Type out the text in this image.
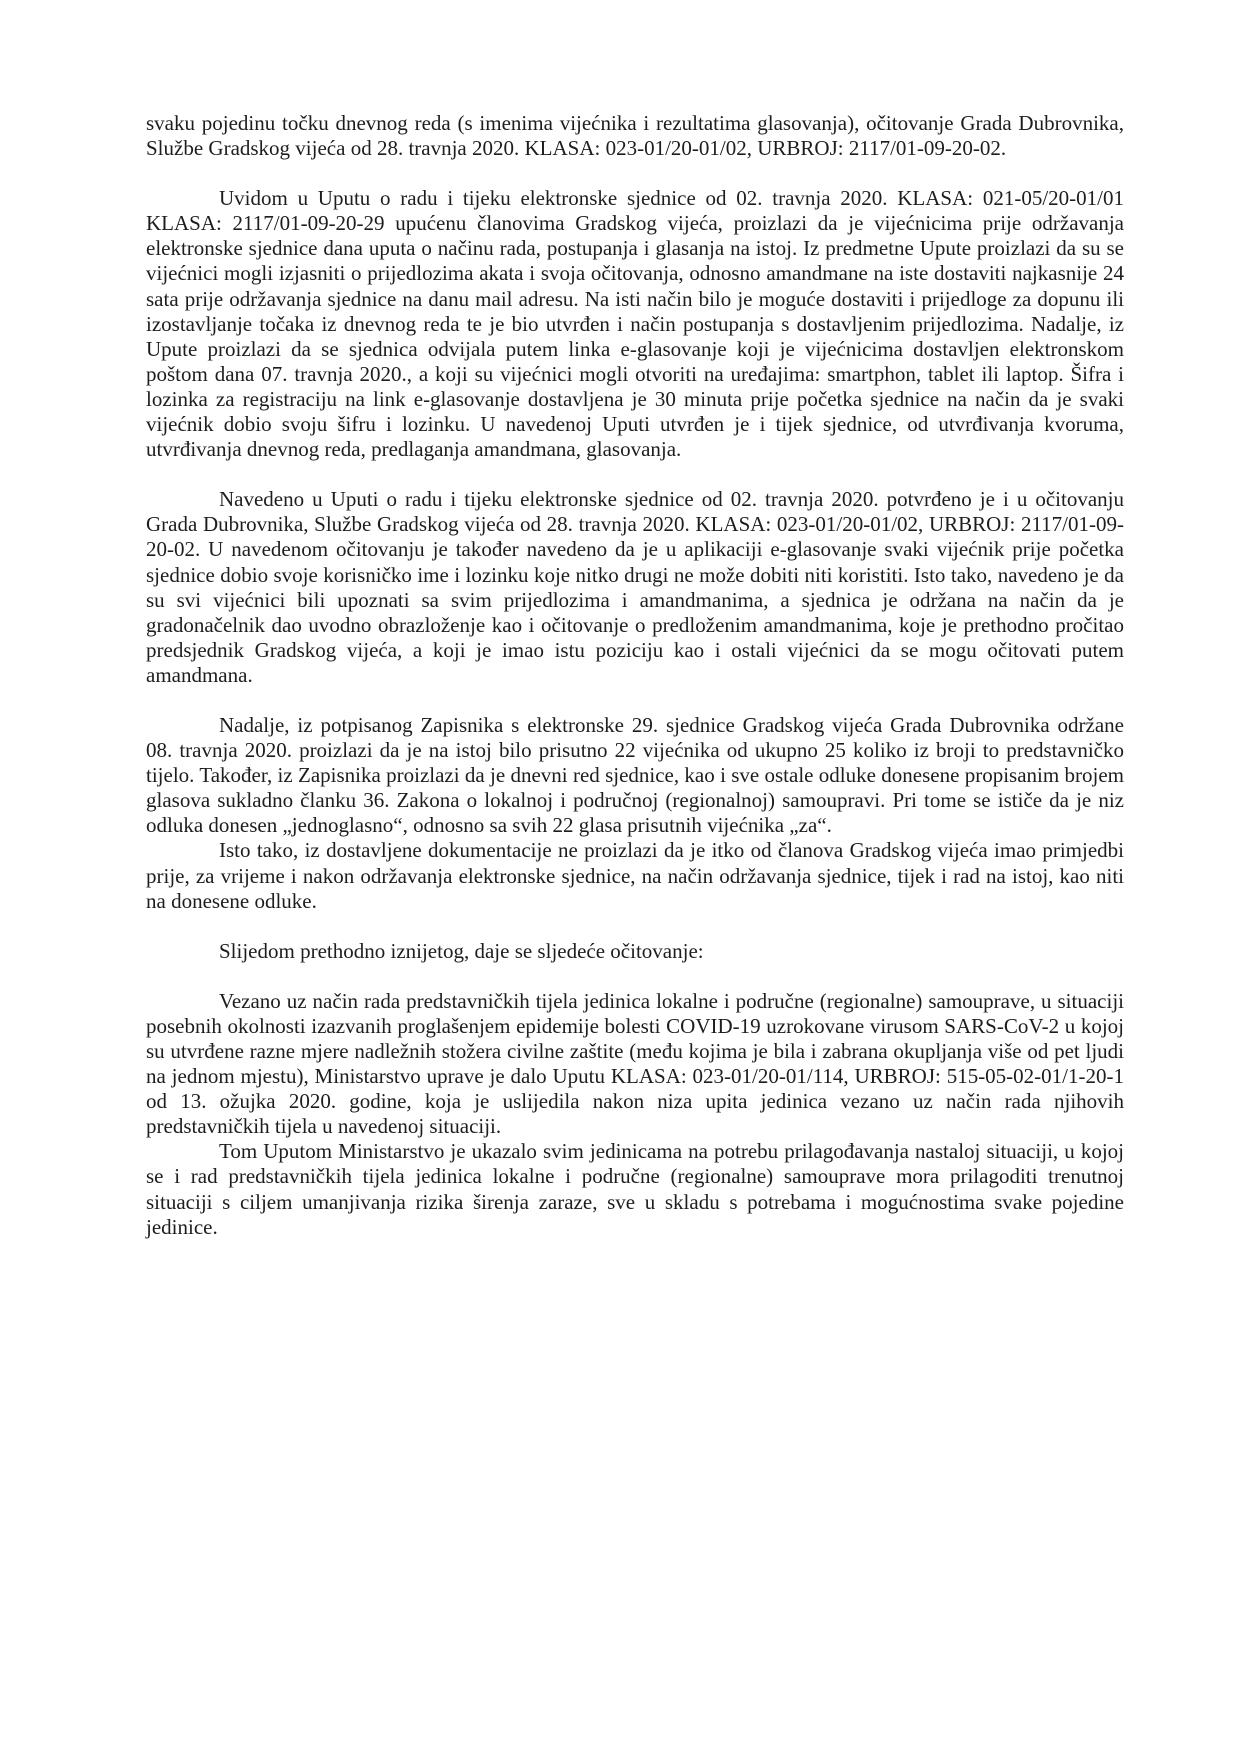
svaku pojedinu točku dnevnog reda (s imenima vijećnika i rezultatima glasovanja), očitovanje Grada Dubrovnika, Službe Gradskog vijeća od 28. travnja 2020. KLASA: 023-01/20-01/02, URBROJ: 2117/01-09-20-02.

Uvidom u Uputu o radu i tijeku elektronske sjednice od 02. travnja 2020. KLASA: 021-05/20-01/01 KLASA: 2117/01-09-20-29 upućenu članovima Gradskog vijeća, proizlazi da je vijećnicima prije održavanja elektronske sjednice dana uputa o načinu rada, postupanja i glasanja na istoj. Iz predmetne Upute proizlazi da su se vijećnici mogli izjasniti o prijedlozima akata i svoja očitovanja, odnosno amandmane na iste dostaviti najkasnije 24 sata prije održavanja sjednice na danu mail adresu. Na isti način bilo je moguće dostaviti i prijedloge za dopunu ili izostavljanje točaka iz dnevnog reda te je bio utvrđen i način postupanja s dostavljenim prijedlozima. Nadalje, iz Upute proizlazi da se sjednica odvijala putem linka e-glasovanje koji je vijećnicima dostavljen elektronskom poštom dana 07. travnja 2020., a koji su vijećnici mogli otvoriti na uređajima: smartphon, tablet ili laptop. Šifra i lozinka za registraciju na link e-glasovanje dostavljena je 30 minuta prije početka sjednice na način da je svaki vijećnik dobio svoju šifru i lozinku. U navedenoj Uputi utvrđen je i tijek sjednice, od utvrđivanja kvoruma, utvrđivanja dnevnog reda, predlaganja amandmana, glasovanja.

Navedeno u Uputi o radu i tijeku elektronske sjednice od 02. travnja 2020. potvrđeno je i u očitovanju Grada Dubrovnika, Službe Gradskog vijeća od 28. travnja 2020. KLASA: 023-01/20-01/02, URBROJ: 2117/01-09-20-02. U navedenom očitovanju je također navedeno da je u aplikaciji e-glasovanje svaki vijećnik prije početka sjednice dobio svoje korisničko ime i lozinku koje nitko drugi ne može dobiti niti koristiti. Isto tako, navedeno je da su svi vijećnici bili upoznati sa svim prijedlozima i amandmanima, a sjednica je održana na način da je gradonačelnik dao uvodno obrazloženje kao i očitovanje o predloženim amandmanima, koje je prethodno pročitao predsjednik Gradskog vijeća, a koji je imao istu poziciju kao i ostali vijećnici da se mogu očitovati putem amandmana.

Nadalje, iz potpisanog Zapisnika s elektronske 29. sjednice Gradskog vijeća Grada Dubrovnika održane 08. travnja 2020. proizlazi da je na istoj bilo prisutno 22 vijećnika od ukupno 25 koliko iz broji to predstavničko tijelo. Također, iz Zapisnika proizlazi da je dnevni red sjednice, kao i sve ostale odluke donesene propisanim brojem glasova sukladno članku 36. Zakona o lokalnoj i područnoj (regionalnoj) samoupravi. Pri tome se ističe da je niz odluka donesen „jednoglasno“, odnosno sa svih 22 glasa prisutnih vijećnika „za“.

Isto tako, iz dostavljene dokumentacije ne proizlazi da je itko od članova Gradskog vijeća imao primjedbi prije, za vrijeme i nakon održavanja elektronske sjednice, na način održavanja sjednice, tijek i rad na istoj, kao niti na donesene odluke.

Slijedom prethodno iznijetog, daje se sljedeće očitovanje:

Vezano uz način rada predstavničkih tijela jedinica lokalne i područne (regionalne) samouprave, u situaciji posebnih okolnosti izazvanih proglašenjem epidemije bolesti COVID-19 uzrokovane virusom SARS-CoV-2 u kojoj su utvrđene razne mjere nadležnih stožera civilne zaštite (među kojima je bila i zabrana okupljanja više od pet ljudi na jednom mjestu), Ministarstvo uprave je dalo Uputu KLASA: 023-01/20-01/114, URBROJ: 515-05-02-01/1-20-1 od 13. ožujka 2020. godine, koja je uslijedila nakon niza upita jedinica vezano uz način rada njihovih predstavničkih tijela u navedenoj situaciji.

Tom Uputom Ministarstvo je ukazalo svim jedinicama na potrebu prilagođavanja nastaloj situaciji, u kojoj se i rad predstavničkih tijela jedinica lokalne i područne (regionalne) samouprave mora prilagoditi trenutnoj situaciji s ciljem umanjivanja rizika širenja zaraze, sve u skladu s potrebama i mogućnostima svake pojedine jedinice.
